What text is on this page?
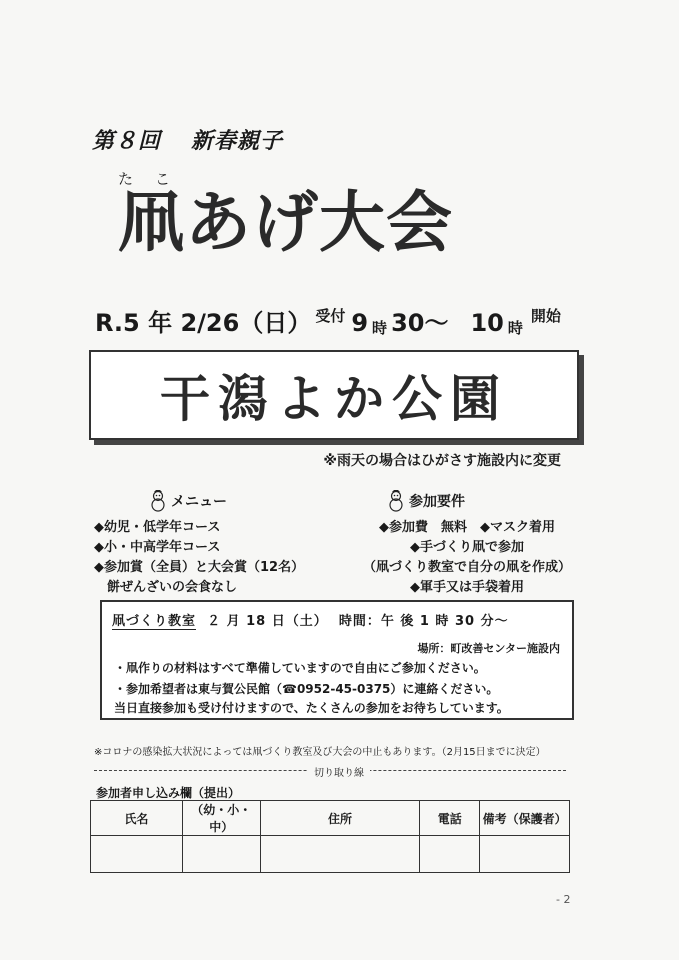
第８回 新春親子
たこ
凧あげ大会
R.5 年 2/26（日） $^{受付}$ 9 時 30～ 10 時$^{開始}$
干潟よか公園
※雨天の場合はひがさす施設内に変更
メニュー
◆幼児・低学年コース
◆小・中高学年コース
◆参加賞（全員）と大会賞（12名）
　餅ぜんざいの会食なし
参加要件
◆参加費　無料　◆マスク着用
◆手づくり凧で参加
（凧づくり教室で自分の凧を作成）
◆軍手又は手袋着用
凧づくり教室 ２ 月 18 日（土） 時間：午 後 1 時 30 分～
場所：町改善センター施設内
・凧作りの材料はすべて準備していますので自由にご参加ください。
・参加希望者は東与賀公民館（☎0952-45-0375）に連絡ください。
当日直接参加も受け付けますので、たくさんの参加をお待ちしています。
※コロナの感染拡大状況によっては凧づくり教室及び大会の中止もあります。（2月15日までに決定）
切り取り線
参加者申し込み欄（提出）
氏名	（幼・小・中）	住所	電話	備考（保護者）

- 2
